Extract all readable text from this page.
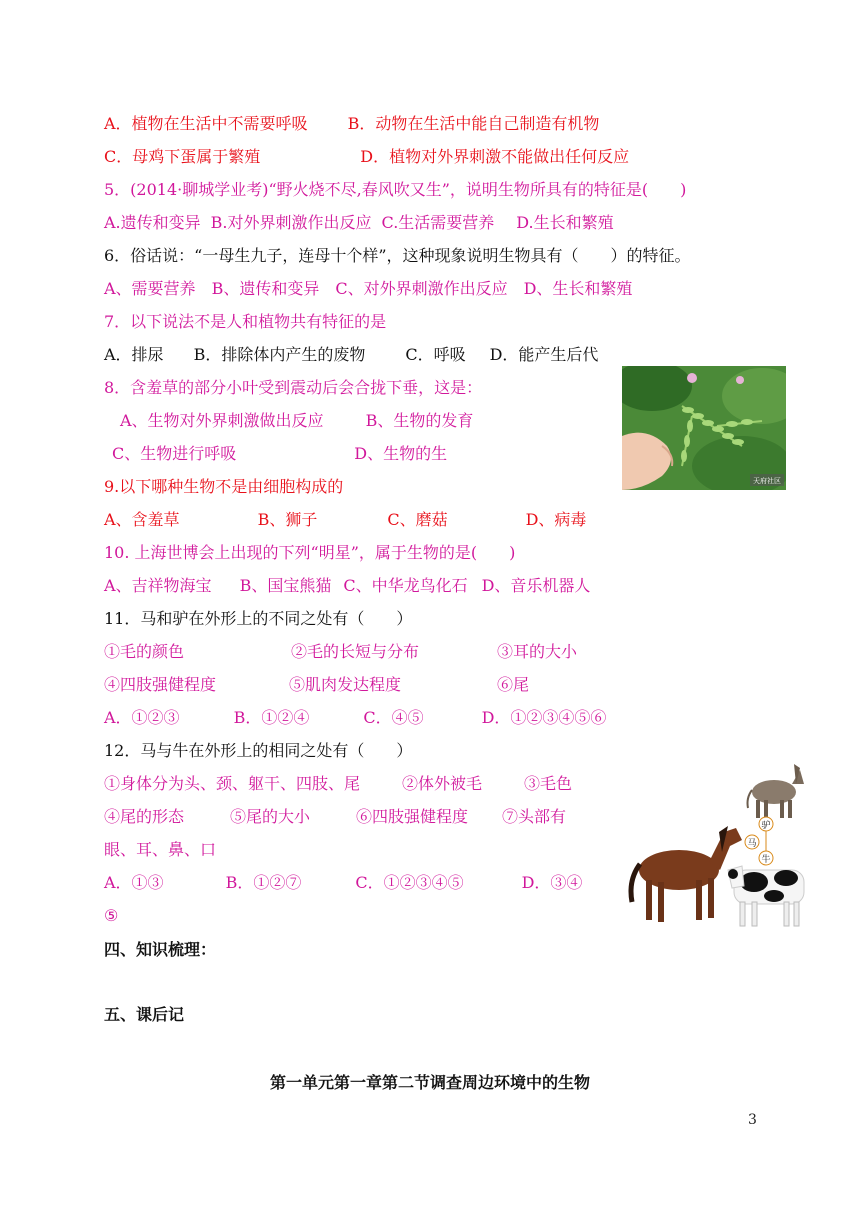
A．植物在生活中不需要呼吸	B．动物在生活中能自己制造有机物
C．母鸡下蛋属于繁殖	D．植物对外界刺激不能做出任何反应
5．(2014·聊城学业考)“野火烧不尽,春风吹又生”，说明生物所具有的特征是(　　)
A.遗传和变异 B.对外界刺激作出反应 C.生活需要营养 D.生长和繁殖
6．俗话说：“一母生九子，连母十个样”，这种现象说明生物具有（　　）的特征。
A、需要营养 B、遗传和变异 C、对外界刺激作出反应 D、生长和繁殖
7．以下说法不是人和植物共有特征的是
A．排尿 B．排除体内产生的废物	C．呼吸 D．能产生后代
8．含羞草的部分小叶受到震动后会合拢下垂，这是：
A、生物对外界刺激做出反应	B、生物的发育
C、生物进行呼吸	D、生物的生
天府社区
9.以下哪种生物不是由细胞构成的
A、含羞草	B、狮子	C、磨菇	D、病毒
10. 上海世博会上出现的下列“明星”，属于生物的是(　　)
A、吉祥物海宝 B、国宝熊猫 C、中华龙鸟化石 D、音乐机器人
11．马和驴在外形上的不同之处有（　　）
①毛的颜色	②毛的长短与分布	③耳的大小
④四肢强健程度	⑤肌肉发达程度	⑥尾
A．①②③	B．①②④	C．④⑤	D．①②③④⑤⑥
12．马与牛在外形上的相同之处有（　　）
①身体分为头、颈、躯干、四肢、尾	②体外被毛	③毛色
④尾的形态	⑤尾的大小	⑥四肢强健程度 ⑦头部有
眼、耳、鼻、口
A．①③	B．①②⑦	C．①②③④⑤	D．③④
⑤
驴
马
牛
四、知识梳理：
五、课后记
第一单元第一章第二节调查周边环境中的生物
3
